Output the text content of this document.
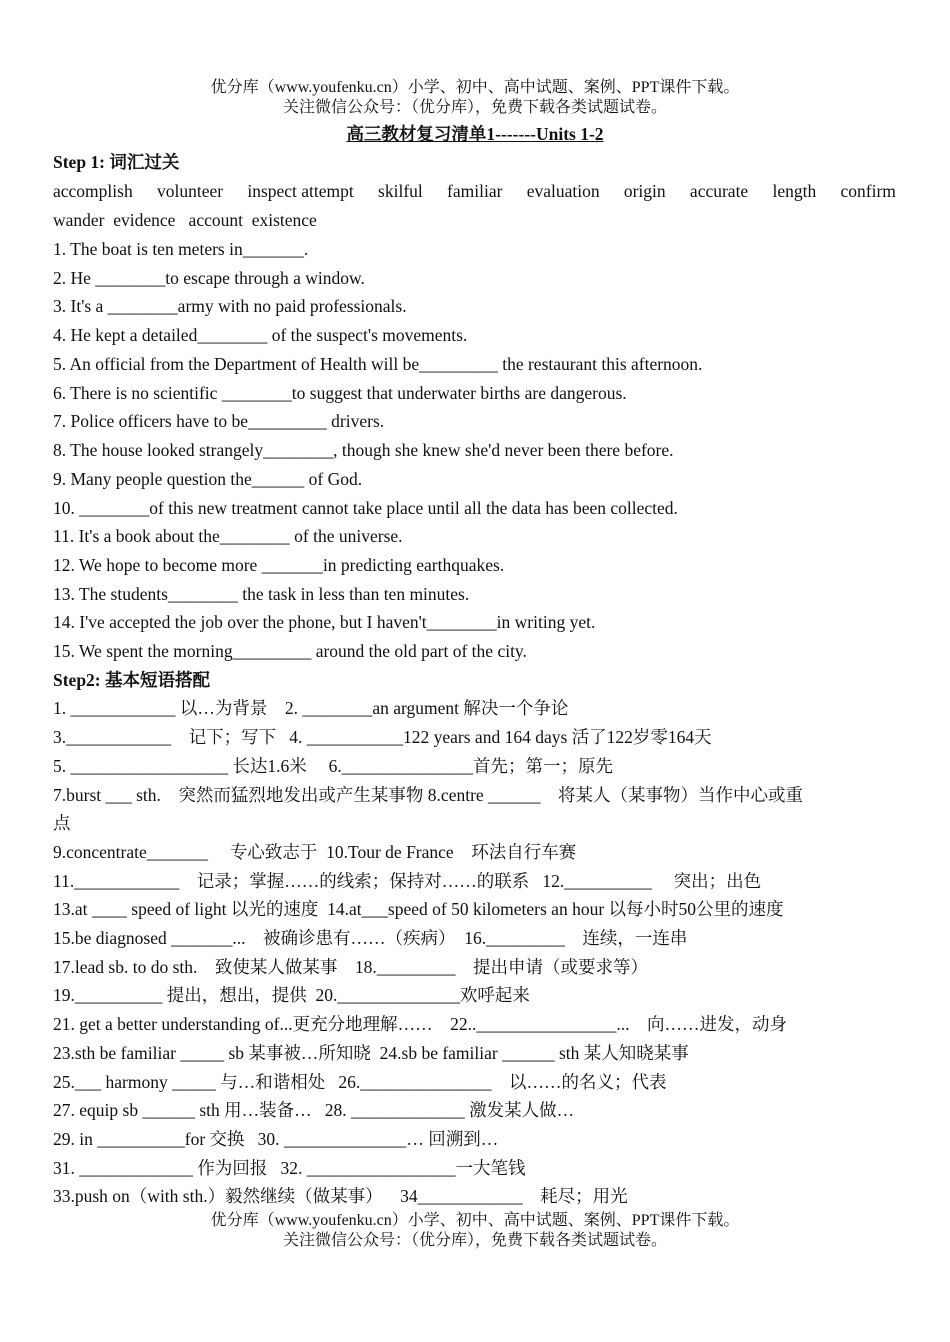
优分库（www.youfenku.cn）小学、初中、高中试题、案例、PPT课件下载。
关注微信公众号：（优分库），免费下载各类试题试卷。
高三教材复习清单1-------Units 1-2
Step 1: 词汇过关
accomplish volunteer inspect attempt skilful familiar evaluation origin accurate length confirm
wander  evidence   account  existence
1. The boat is ten meters in_______.
2. He ________to escape through a window.
3. It's a ________army with no paid professionals.
4. He kept a detailed________ of the suspect's movements.
5. An official from the Department of Health will be_________ the restaurant this afternoon.
6. There is no scientific ________to suggest that underwater births are dangerous.
7. Police officers have to be_________ drivers.
8. The house looked strangely________, though she knew she'd never been there before.
9. Many people question the______ of God.
10. ________of this new treatment cannot take place until all the data has been collected.
11. It's a book about the________ of the universe.
12. We hope to become more _______in predicting earthquakes.
13. The students________ the task in less than ten minutes.
14. I've accepted the job over the phone, but I haven't________in writing yet.
15. We spent the morning_________ around the old part of the city.
Step2: 基本短语搭配
1. ____________ 以…为背景    2. ________an argument 解决一个争论
3.____________    记下；写下   4. ___________122 years and 164 days 活了122岁零164天
5. __________________ 长达1.6米     6._______________首先；第一；原先
7.burst ___ sth.    突然而猛烈地发出或产生某事物 8.centre ______    将某人（某事物）当作中心或重
点
9.concentrate_______     专心致志于  10.Tour de France    环法自行车赛
11.____________    记录；掌握……的线索；保持对……的联系   12.__________     突出；出色
13.at ____ speed of light 以光的速度  14.at___speed of 50 kilometers an hour 以每小时50公里的速度
15.be diagnosed _______...    被确诊患有……（疾病）  16._________    连续，一连串
17.lead sb. to do sth.    致使某人做某事    18._________    提出申请（或要求等）
19.__________ 提出，想出，提供  20.______________欢呼起来
21. get a better understanding of...更充分地理解……    22..________________...    向……进发，动身
23.sth be familiar _____ sb 某事被…所知晓  24.sb be familiar ______ sth 某人知晓某事
25.___ harmony _____ 与…和谐相处   26._______________    以……的名义；代表
27. equip sb ______ sth 用…装备…   28. _____________ 激发某人做…
29. in __________for 交换   30. ______________… 回溯到…
31. _____________ 作为回报   32. _________________一大笔钱
33.push on（with sth.）毅然继续（做某事）    34____________    耗尽；用光
优分库（www.youfenku.cn）小学、初中、高中试题、案例、PPT课件下载。
关注微信公众号：（优分库），免费下载各类试题试卷。
